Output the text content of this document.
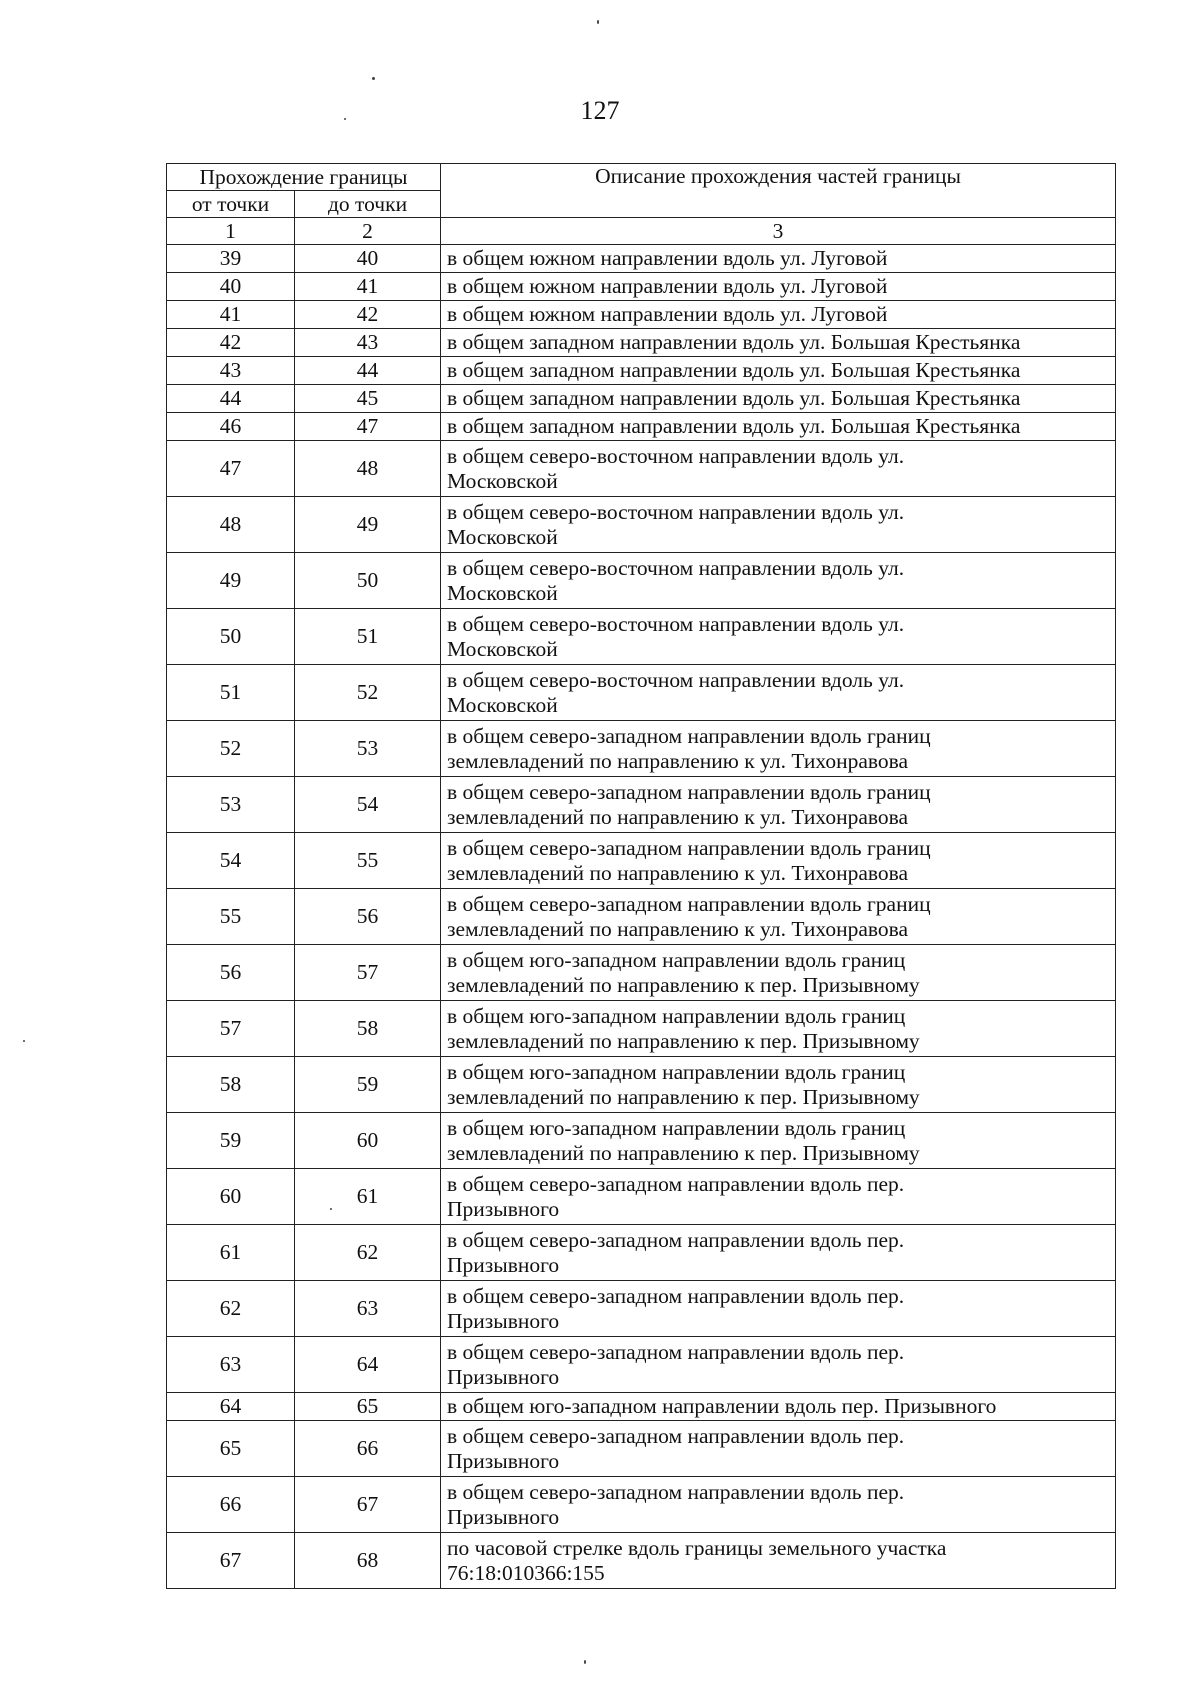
127
Прохождение границы		Описание прохождения частей границы
от точки	до точки	
1	2	3
39	40	в общем южном направлении вдоль ул. Луговой

40	41	в общем южном направлении вдоль ул. Луговой

41	42	в общем южном направлении вдоль ул. Луговой

42	43	в общем западном направлении вдоль ул. Большая Крестьянка

43	44	в общем западном направлении вдоль ул. Большая Крестьянка

44	45	в общем западном направлении вдоль ул. Большая Крестьянка

46	47	в общем западном направлении вдоль ул. Большая Крестьянка

47	48	в общем северо-восточном направлении вдоль ул.
Московской

48	49	в общем северо-восточном направлении вдоль ул.
Московской

49	50	в общем северо-восточном направлении вдоль ул.
Московской

50	51	в общем северо-восточном направлении вдоль ул.
Московской

51	52	в общем северо-восточном направлении вдоль ул.
Московской

52	53	в общем северо-западном направлении вдоль границ
землевладений по направлению к ул. Тихонравова

53	54	в общем северо-западном направлении вдоль границ
землевладений по направлению к ул. Тихонравова

54	55	в общем северо-западном направлении вдоль границ
землевладений по направлению к ул. Тихонравова

55	56	в общем северо-западном направлении вдоль границ
землевладений по направлению к ул. Тихонравова

56	57	в общем юго-западном направлении вдоль границ
землевладений по направлению к пер. Призывному

57	58	в общем юго-западном направлении вдоль границ
землевладений по направлению к пер. Призывному

58	59	в общем юго-западном направлении вдоль границ
землевладений по направлению к пер. Призывному

59	60	в общем юго-западном направлении вдоль границ
землевладений по направлению к пер. Призывному

60	61	в общем северо-западном направлении вдоль пер.
Призывного

61	62	в общем северо-западном направлении вдоль пер.
Призывного

62	63	в общем северо-западном направлении вдоль пер.
Призывного

63	64	в общем северо-западном направлении вдоль пер.
Призывного

64	65	в общем юго-западном направлении вдоль пер. Призывного

65	66	в общем северо-западном направлении вдоль пер.
Призывного

66	67	в общем северо-западном направлении вдоль пер.
Призывного

67	68	по часовой стрелке вдоль границы земельного участка
76:18:010366:155
